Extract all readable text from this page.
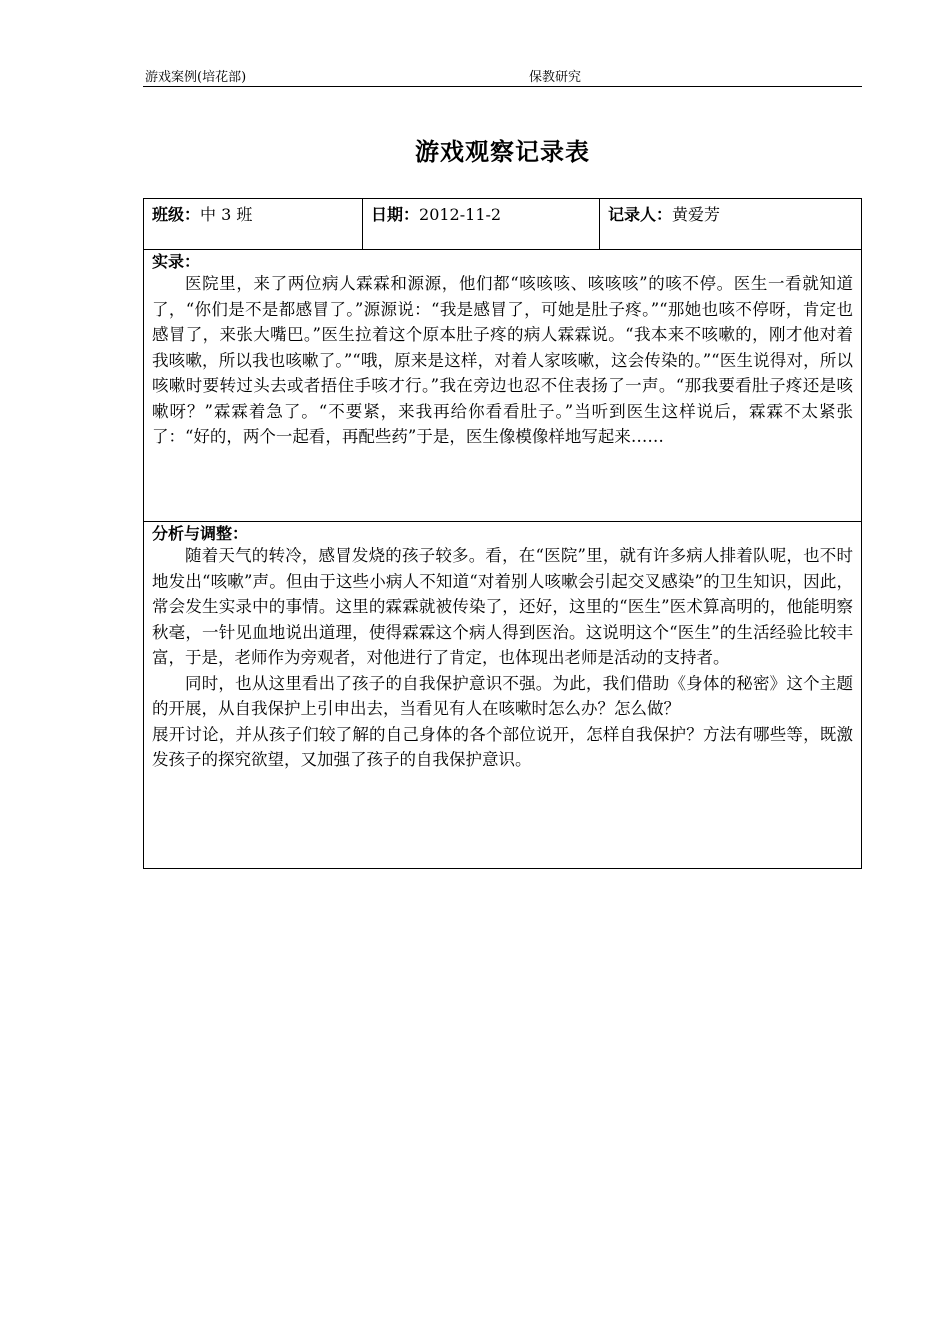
游戏案例(培花部)	保教研究
游戏观察记录表
班级：中 3 班	日期：2012-11-2	记录人：黄爱芳

实录：

医院里，来了两位病人霖霖和源源，他们都“咳咳咳、咳咳咳”的咳不停。医生一看就知道了，“你们是不是都感冒了。”源源说：“我是感冒了，可她是肚子疼。”“那她也咳不停呀，肯定也感冒了，来张大嘴巴。”医生拉着这个原本肚子疼的病人霖霖说。“我本来不咳嗽的，刚才他对着我咳嗽，所以我也咳嗽了。”“哦，原来是这样，对着人家咳嗽，这会传染的。”“医生说得对，所以咳嗽时要转过头去或者捂住手咳才行。”我在旁边也忍不住表扬了一声。“那我要看肚子疼还是咳嗽呀？”霖霖着急了。“不要紧，来我再给你看看肚子。”当听到医生这样说后，霖霖不太紧张了：“好的，两个一起看，再配些药”于是，医生像模像样地写起来……

分析与调整：

随着天气的转冷，感冒发烧的孩子较多。看，在“医院”里，就有许多病人排着队呢，也不时地发出“咳嗽”声。但由于这些小病人不知道“对着别人咳嗽会引起交叉感染”的卫生知识，因此，常会发生实录中的事情。这里的霖霖就被传染了，还好，这里的“医生”医术算高明的，他能明察秋毫，一针见血地说出道理，使得霖霖这个病人得到医治。这说明这个“医生”的生活经验比较丰富，于是，老师作为旁观者，对他进行了肯定，也体现出老师是活动的支持者。

同时，也从这里看出了孩子的自我保护意识不强。为此，我们借助《身体的秘密》这个主题的开展，从自我保护上引申出去，当看见有人在咳嗽时怎么办？怎么做？

展开讨论，并从孩子们较了解的自己身体的各个部位说开，怎样自我保护？方法有哪些等，既激发孩子的探究欲望，又加强了孩子的自我保护意识。
